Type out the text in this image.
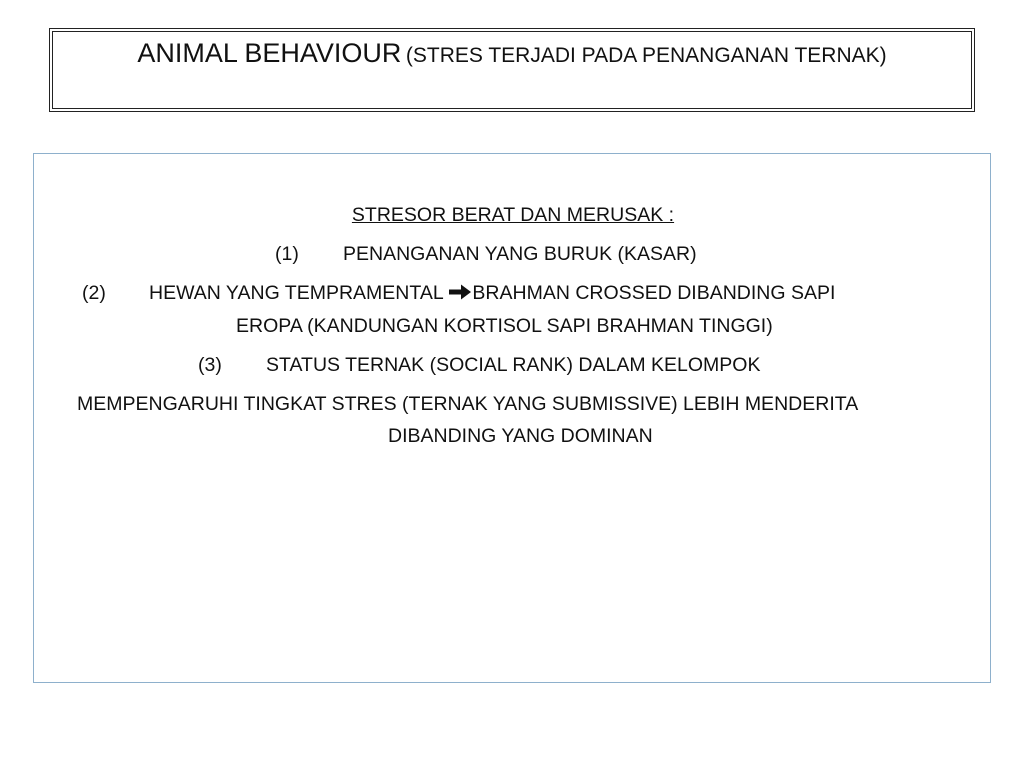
ANIMAL BEHAVIOUR (STRES TERJADI PADA PENANGANAN TERNAK)
STRESOR BERAT DAN MERUSAK :
(1) PENANGANAN YANG BURUK (KASAR)
(2) HEWAN YANG TEMPRAMENTAL BRAHMAN CROSSED DIBANDING SAPI
EROPA (KANDUNGAN KORTISOL SAPI BRAHMAN TINGGI)
(3) STATUS TERNAK (SOCIAL RANK) DALAM KELOMPOK
MEMPENGARUHI TINGKAT STRES (TERNAK YANG SUBMISSIVE) LEBIH MENDERITA
DIBANDING YANG DOMINAN
